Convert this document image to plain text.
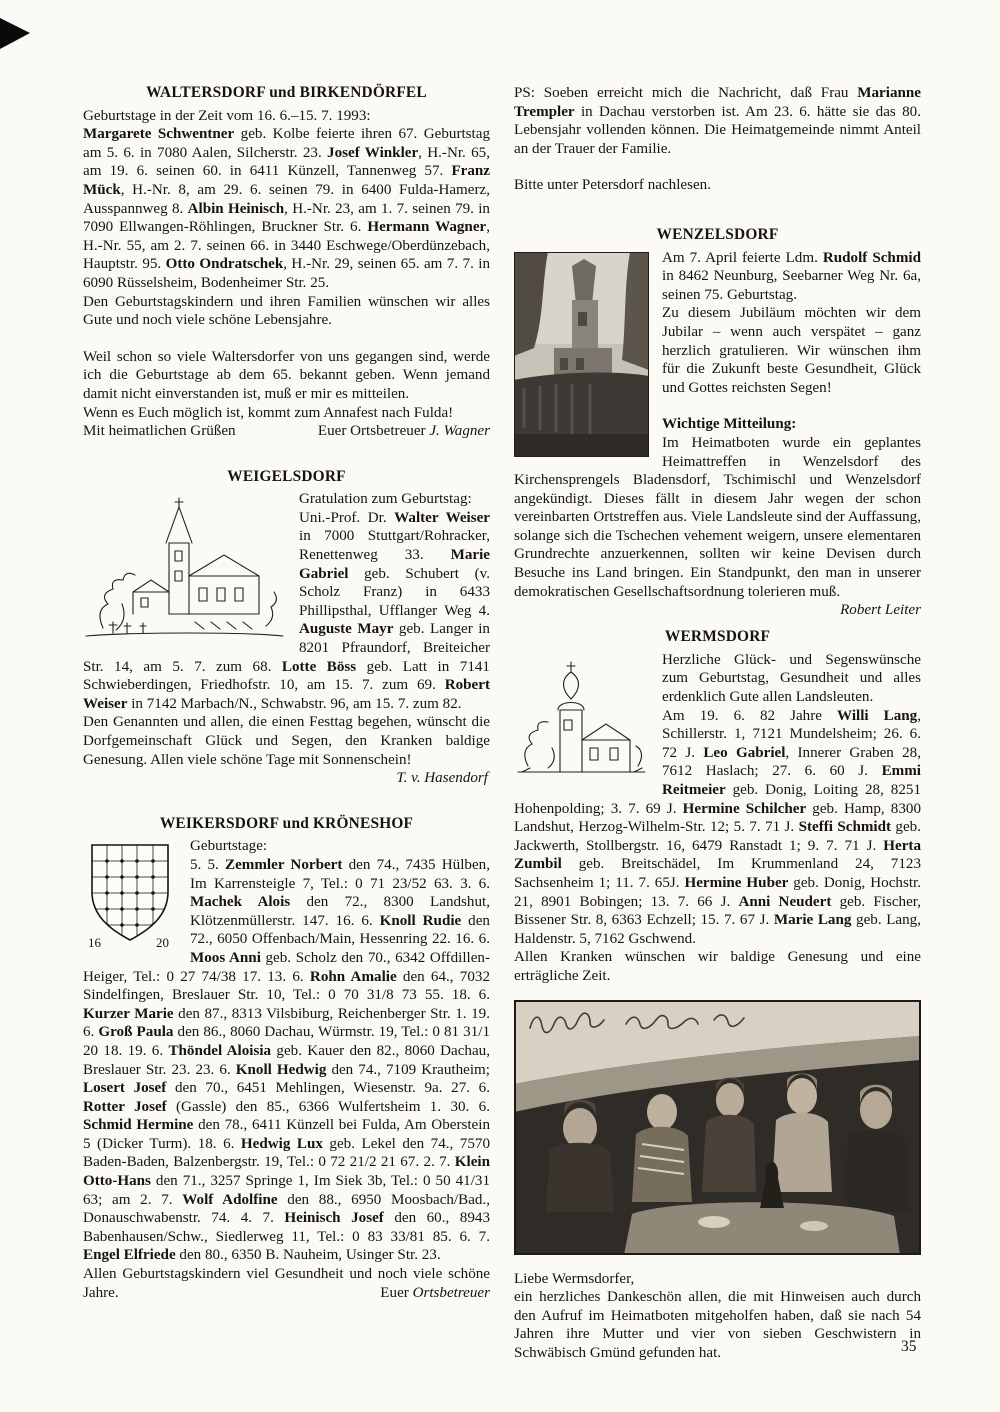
WALTERSDORF und BIRKENDÖRFEL

Geburtstage in der Zeit vom 16. 6.–15. 7. 1993:

Margarete Schwentner geb. Kolbe feierte ihren 67. Geburtstag am 5. 6. in 7080 Aalen, Silcherstr. 23. Josef Winkler, H.-Nr. 65, am 19. 6. seinen 60. in 6411 Künzell, Tannenweg 57. Franz Mück, H.-Nr. 8, am 29. 6. seinen 79. in 6400 Fulda-Hamerz, Ausspannweg 8. Albin Heinisch, H.-Nr. 23, am 1. 7. seinen 79. in 7090 Ellwangen-Röhlingen, Bruckner Str. 6. Hermann Wagner, H.-Nr. 55, am 2. 7. seinen 66. in 3440 Eschwege/Oberdünzebach, Hauptstr. 95. Otto Ondratschek, H.-Nr. 29, seinen 65. am 7. 7. in 6090 Rüsselsheim, Bodenheimer Str. 25.

Den Geburtstagskindern und ihren Familien wünschen wir alles Gute und noch viele schöne Lebensjahre.

Weil schon so viele Waltersdorfer von uns gegangen sind, werde ich die Geburtstage ab dem 65. bekannt geben. Wenn jemand damit nicht einverstanden ist, muß er mir es mitteilen.

Wenn es Euch möglich ist, kommt zum Annafest nach Fulda!

Mit heimatlichen Grüßen	Euer Ortsbetreuer J. Wagner
WEIGELSDORF

Gratulation zum Geburtstag:

Uni.-Prof. Dr. Walter Weiser in 7000 Stuttgart/Rohracker, Renettenweg 33. Marie Gabriel geb. Schubert (v. Scholz Franz) in 6433 Phillipsthal, Ufflanger Weg 4. Auguste Mayr geb. Langer in 8201 Pfraundorf, Breiteicher Str. 14, am 5. 7. zum 68. Lotte Böss geb. Latt in 7141 Schwieberdingen, Friedhofstr. 10, am 15. 7. zum 69. Robert Weiser in 7142 Marbach/N., Schwabstr. 96, am 15. 7. zum 82.

Den Genannten und allen, die einen Festtag begehen, wünscht die Dorfgemeinschaft Glück und Segen, den Kranken baldige Genesung. Allen viele schöne Tage mit Sonnenschein!

T. v. Hasendorf
WEIKERSDORF und KRÖNESHOF
16	20

Geburtstage:

5. 5. Zemmler Norbert den 74., 7435 Hülben, Im Karrensteigle 7, Tel.: 0 71 23/52 63. 3. 6. Machek Alois den 72., 8300 Landshut, Klötzenmüllerstr. 147. 16. 6. Knoll Rudie den 72., 6050 Offenbach/Main, Hessenring 22. 16. 6. Moos Anni geb. Scholz den 70., 6342 Offdillen-Heiger, Tel.: 0 27 74/38 17. 13. 6. Rohn Amalie den 64., 7032 Sindelfingen, Breslauer Str. 10, Tel.: 0 70 31/8 73 55. 18. 6. Kurzer Marie den 87., 8313 Vilsbiburg, Reichenberger Str. 1. 19. 6. Groß Paula den 86., 8060 Dachau, Würmstr. 19, Tel.: 0 81 31/1 20 18. 19. 6. Thöndel Aloisia geb. Kauer den 82., 8060 Dachau, Breslauer Str. 23. 23. 6. Knoll Hedwig den 74., 7109 Krautheim; Losert Josef den 70., 6451 Mehlingen, Wiesenstr. 9a. 27. 6. Rotter Josef (Gassle) den 85., 6366 Wulfertsheim 1. 30. 6. Schmid Hermine den 78., 6411 Künzell bei Fulda, Am Oberstein 5 (Dicker Turm). 18. 6. Hedwig Lux geb. Lekel den 74., 7570 Baden-Baden, Balzenbergstr. 19, Tel.: 0 72 21/2 21 67. 2. 7. Klein Otto-Hans den 71., 3257 Springe 1, Im Siek 3b, Tel.: 0 50 41/31 63; am 2. 7. Wolf Adolfine den 88., 6950 Moosbach/Bad., Donauschwabenstr. 74. 4. 7. Heinisch Josef den 60., 8943 Babenhausen/Schw., Siedlerweg 11, Tel.: 0 83 33/81 85. 6. 7. Engel Elfriede den 80., 6350 B. Nauheim, Usinger Str. 23.

Allen Geburtstagskindern viel Gesundheit und noch viele schöne Jahre.	Euer Ortsbetreuer

PS: Soeben erreicht mich die Nachricht, daß Frau Marianne Trempler in Dachau verstorben ist. Am 23. 6. hätte sie das 80. Lebensjahr vollenden können. Die Heimatgemeinde nimmt Anteil an der Trauer der Familie.

Bitte unter Petersdorf nachlesen.

WENZELSDORF

Am 7. April feierte Ldm. Rudolf Schmid in 8462 Neunburg, Seebarner Weg Nr. 6a, seinen 75. Geburtstag.

Zu diesem Jubiläum möchten wir dem Jubilar – wenn auch verspätet – ganz herzlich gratulieren. Wir wünschen ihm für die Zukunft beste Gesundheit, Glück und Gottes reichsten Segen!

Wichtige Mitteilung:

Im Heimatboten wurde ein geplantes Heimattreffen in Wenzelsdorf des Kirchensprengels Bladensdorf, Tschimischl und Wenzelsdorf angekündigt. Dieses fällt in diesem Jahr wegen der schon vereinbarten Ortstreffen aus. Viele Landsleute sind der Auffassung, solange sich die Tschechen vehement weigern, unsere elementaren Grundrechte anzuerkennen, sollten wir keine Devisen durch Besuche ins Land bringen. Ein Standpunkt, den man in unserer demokratischen Gesellschaftsordnung tolerieren muß.
Robert Leiter

WERMSDORF

Herzliche Glück- und Segenswünsche zum Geburtstag, Gesundheit und alles erdenklich Gute allen Landsleuten.

Am 19. 6. 82 Jahre Willi Lang, Schillerstr. 1, 7121 Mundelsheim; 26. 6. 72 J. Leo Gabriel, Innerer Graben 28, 7612 Haslach; 27. 6. 60 J. Emmi Reitmeier geb. Donig, Loiting 28, 8251 Hohenpolding; 3. 7. 69 J. Hermine Schilcher geb. Hamp, 8300 Landshut, Herzog-Wilhelm-Str. 12; 5. 7. 71 J. Steffi Schmidt geb. Jackwerth, Stollbergstr. 16, 6479 Ranstadt 1; 9. 7. 71 J. Herta Zumbil geb. Breitschädel, Im Krummenland 24, 7123 Sachsenheim 1; 11. 7. 65J. Hermine Huber geb. Donig, Hochstr. 21, 8901 Bobingen; 13. 7. 66 J. Anni Neudert geb. Fischer, Bissener Str. 8, 6363 Echzell; 15. 7. 67 J. Marie Lang geb. Lang, Haldenstr. 5, 7162 Gschwend.

Allen Kranken wünschen wir baldige Genesung und eine erträgliche Zeit.

Liebe Wermsdorfer,

ein herzliches Dankeschön allen, die mit Hinweisen auch durch den Aufruf im Heimatboten mitgeholfen haben, daß sie nach 54 Jahren ihre Mutter und vier von sieben Geschwistern in Schwäbisch Gmünd gefunden hat.	35
